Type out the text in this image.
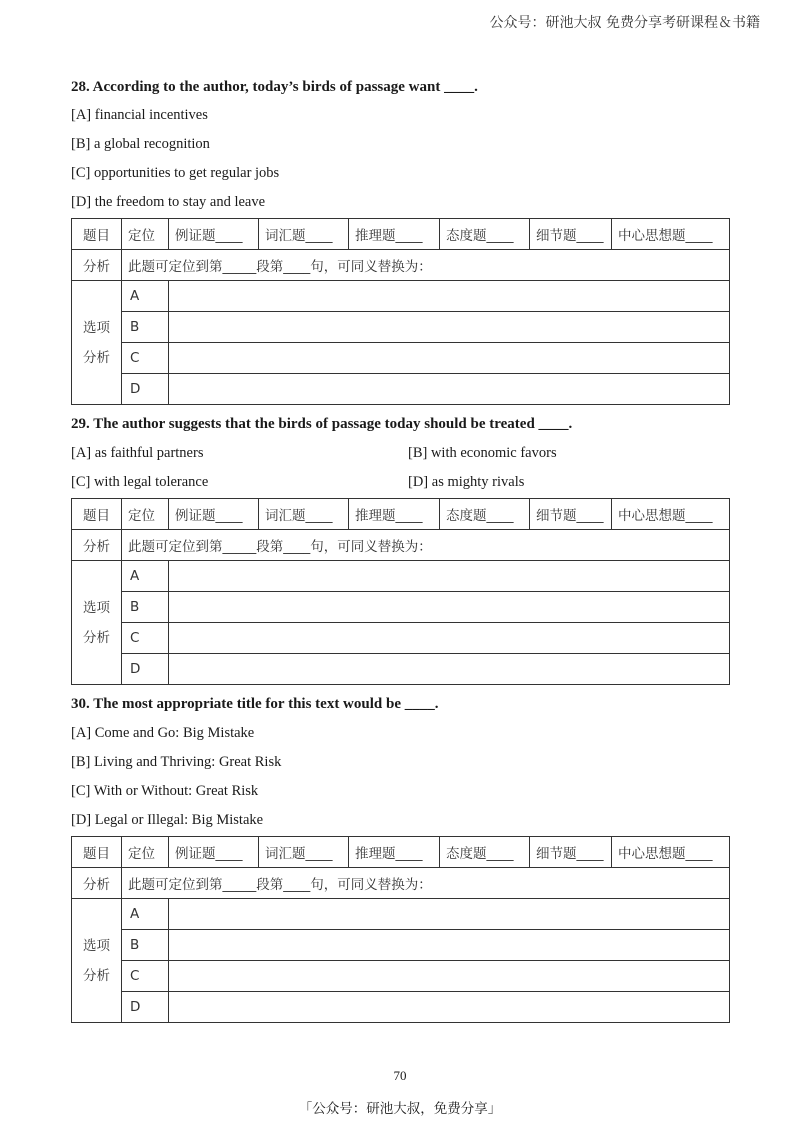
公众号：研池大叔 免费分享考研课程＆书籍
28. According to the author, today’s birds of passage want ____.
[A] financial incentives
[B] a global recognition
[C] opportunities to get regular jobs
[D] the freedom to stay and leave
题目	定位	例证题____	词汇题____	推理题____	态度题____	细节题____	中心思想题____
分析	此题可定位到第_____段第____句，可同义替换为：						
选项
分析	A						
	B						
	C						
	D						
29. The author suggests that the birds of passage today should be treated ____.
[A] as faithful partners	[B] with economic favors
[C] with legal tolerance	[D] as mighty rivals
题目	定位	例证题____	词汇题____	推理题____	态度题____	细节题____	中心思想题____
分析	此题可定位到第_____段第____句，可同义替换为：						
选项
分析	A						
	B						
	C						
	D						
30. The most appropriate title for this text would be ____.
[A] Come and Go: Big Mistake
[B] Living and Thriving: Great Risk
[C] With or Without: Great Risk
[D] Legal or Illegal: Big Mistake
题目	定位	例证题____	词汇题____	推理题____	态度题____	细节题____	中心思想题____
分析	此题可定位到第_____段第____句，可同义替换为：						
选项
分析	A						
	B						
	C						
	D						
70
「公众号：研池大叔，免费分享」
